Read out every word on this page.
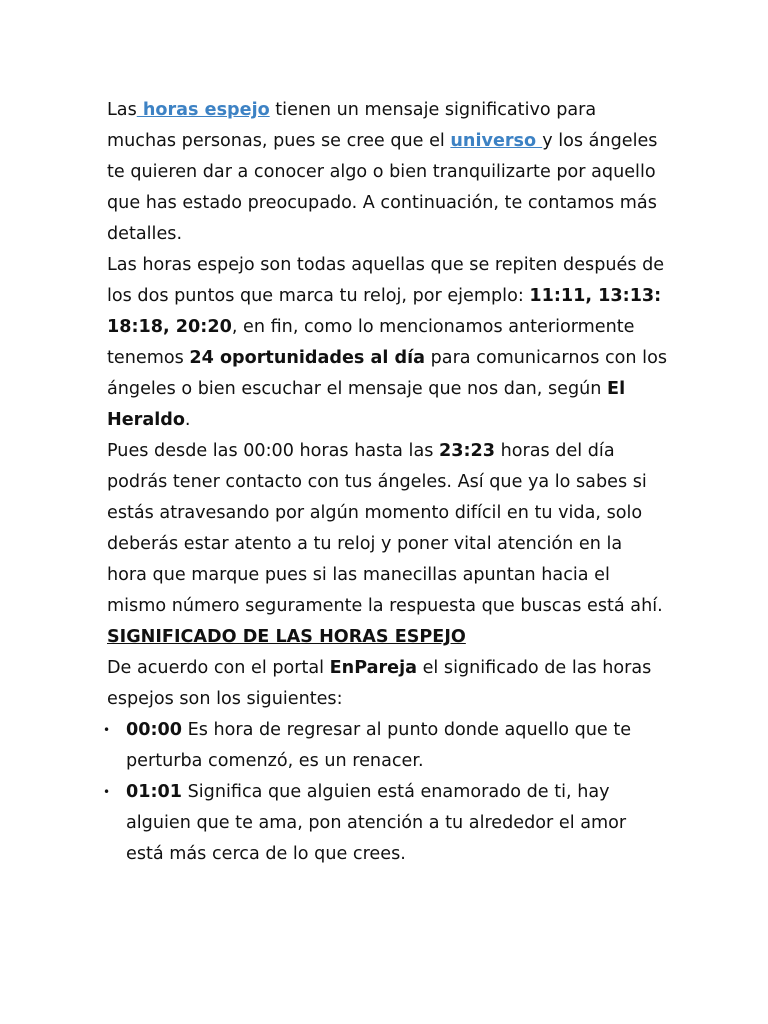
Las horas espejo tienen un mensaje significativo para muchas personas, pues se cree que el universo y los ángeles te quieren dar a conocer algo o bien tranquilizarte por aquello que has estado preocupado. A continuación, te contamos más detalles.

Las horas espejo son todas aquellas que se repiten después de los dos puntos que marca tu reloj, por ejemplo: 11:11, 13:13: 18:18, 20:20, en fin, como lo mencionamos anteriormente tenemos 24 oportunidades al día para comunicarnos con los ángeles o bien escuchar el mensaje que nos dan, según El Heraldo.

Pues desde las 00:00 horas hasta las 23:23 horas del día podrás tener contacto con tus ángeles. Así que ya lo sabes si estás atravesando por algún momento difícil en tu vida, solo deberás estar atento a tu reloj y poner vital atención en la hora que marque pues si las manecillas apuntan hacia el mismo número seguramente la respuesta que buscas está ahí.

SIGNIFICADO DE LAS HORAS ESPEJO

De acuerdo con el portal EnPareja el significado de las horas espejos son los siguientes:

• 00:00 Es hora de regresar al punto donde aquello que te perturba comenzó, es un renacer.
• 01:01 Significa que alguien está enamorado de ti, hay alguien que te ama, pon atención a tu alrededor el amor está más cerca de lo que crees.
